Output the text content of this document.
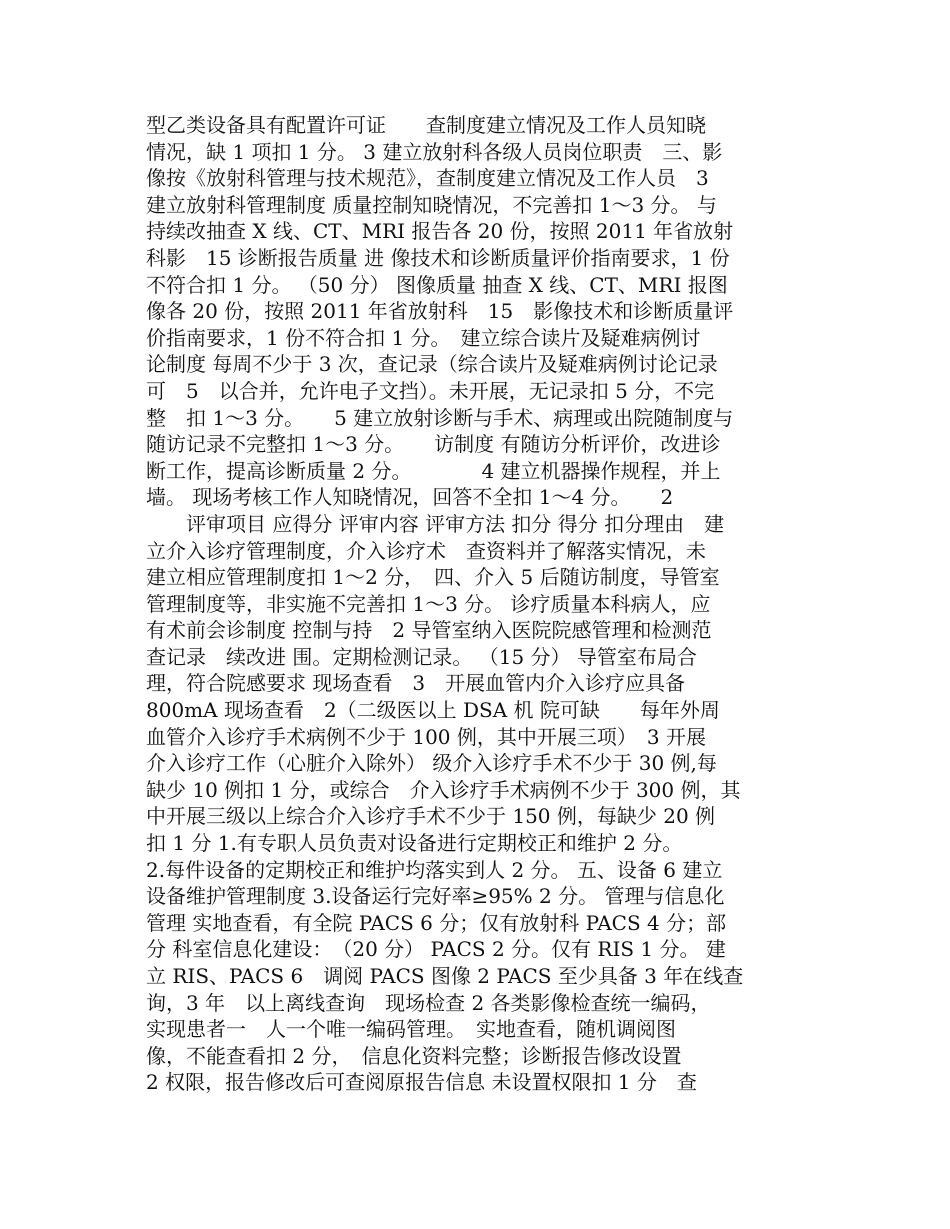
型乙类设备具有配置许可证　　查制度建立情况及工作人员知晓
情况，缺 1 项扣 1 分。 3 建立放射科各级人员岗位职责　三、影
像按《放射科管理与技术规范》，查制度建立情况及工作人员　3
建立放射科管理制度 质量控制知晓情况，不完善扣 1～3 分。 与
持续改抽查 X 线、CT、MRI 报告各 20 份，按照 2011 年省放射
科影　15 诊断报告质量 进 像技术和诊断质量评价指南要求，1 份
不符合扣 1 分。 （50 分） 图像质量 抽查 X 线、CT、MRI 报图
像各 20 份，按照 2011 年省放射科　15　影像技术和诊断质量评
价指南要求，1 份不符合扣 1 分。　建立综合读片及疑难病例讨
论制度 每周不少于 3 次，查记录（综合读片及疑难病例讨论记录
可　5　以合并，允许电子文挡）。未开展，无记录扣 5 分，不完
整　扣 1～3 分。　　5 建立放射诊断与手术、病理或出院随制度与
随访记录不完整扣 1～3 分。　　访制度 有随访分析评价，改进诊
断工作，提高诊断质量 2 分。　　　　4 建立机器操作规程，并上
墙。 现场考核工作人知晓情况，回答不全扣 1～4 分。　　2
　　评审项目 应得分 评审内容 评审方法 扣分 得分 扣分理由　建
立介入诊疗管理制度，介入诊疗术　查资料并了解落实情况，未
建立相应管理制度扣 1～2 分，　四、介入 5 后随访制度，导管室
管理制度等，非实施不完善扣 1～3 分。 诊疗质量本科病人，应
有术前会诊制度 控制与持　2 导管室纳入医院院感管理和检测范
查记录　续改进 围。定期检测记录。 （15 分） 导管室布局合
理，符合院感要求 现场查看　3　开展血管内介入诊疗应具备
800mA 现场查看　2（二级医以上 DSA 机 院可缺　　每年外周
血管介入诊疗手术病例不少于 100 例，其中开展三项）　3 开展
介入诊疗工作（心脏介入除外） 级介入诊疗手术不少于 30 例,每
缺少 10 例扣 1 分，或综合　介入诊疗手术病例不少于 300 例，其
中开展三级以上综合介入诊疗手术不少于 150 例，每缺少 20 例
扣 1 分 1.有专职人员负责对设备进行定期校正和维护 2 分。
2.每件设备的定期校正和维护均落实到人 2 分。 五、设备 6 建立
设备维护管理制度 3.设备运行完好率≥95% 2 分。 管理与信息化
管理 实地查看，有全院 PACS 6 分；仅有放射科 PACS 4 分；部
分 科室信息化建设：　（20 分） PACS 2 分。仅有 RIS 1 分。 建
立 RIS、PACS 6　调阅 PACS 图像 2 PACS 至少具备 3 年在线查
询，3 年　以上离线查询　现场检查 2 各类影像检查统一编码，
实现患者一　人一个唯一编码管理。　实地查看，随机调阅图
像，不能查看扣 2 分，　信息化资料完整；诊断报告修改设置
2 权限，报告修改后可查阅原报告信息 未设置权限扣 1 分　查
